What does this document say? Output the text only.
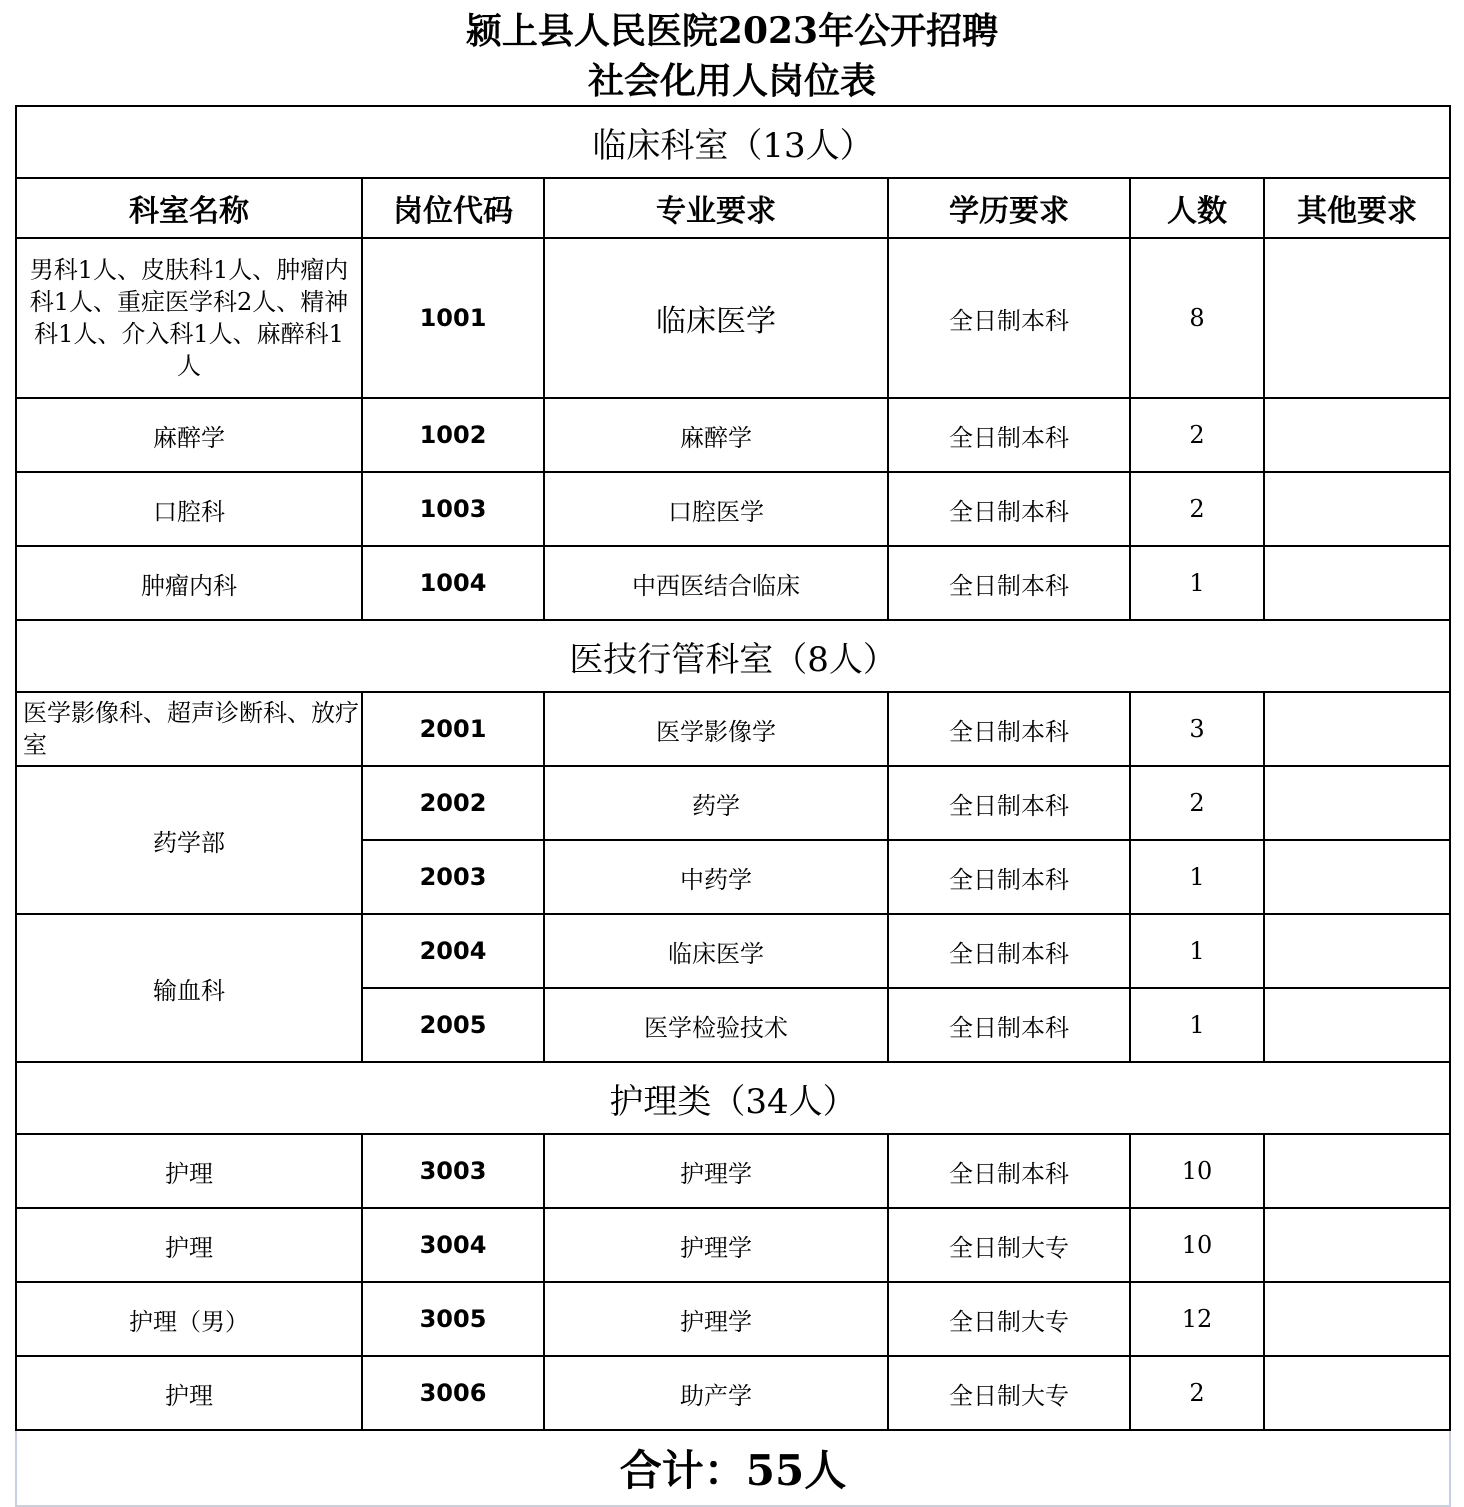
颍上县人民医院2023年公开招聘
社会化用人岗位表
临床科室（13人）					
科室名称	岗位代码	专业要求	学历要求	人数	其他要求
男科1人、皮肤科1人、肿瘤内科1人、重症医学科2人、精神科1人、介入科1人、麻醉科1人	1001	临床医学	全日制本科	8	
麻醉学	1002	麻醉学	全日制本科	2	
口腔科	1003	口腔医学	全日制本科	2	
肿瘤内科	1004	中西医结合临床	全日制本科	1	
医技行管科室（8人）					
医学影像科、超声诊断科、放疗室	2001	医学影像学	全日制本科	3	
药学部	2002	药学	全日制本科	2	
	2003	中药学	全日制本科	1	
输血科	2004	临床医学	全日制本科	1	
	2005	医学检验技术	全日制本科	1	
护理类（34人）					
护理	3003	护理学	全日制本科	10	
护理	3004	护理学	全日制大专	10	
护理（男）	3005	护理学	全日制大专	12	
护理	3006	助产学	全日制大专	2	
合计：55人					
